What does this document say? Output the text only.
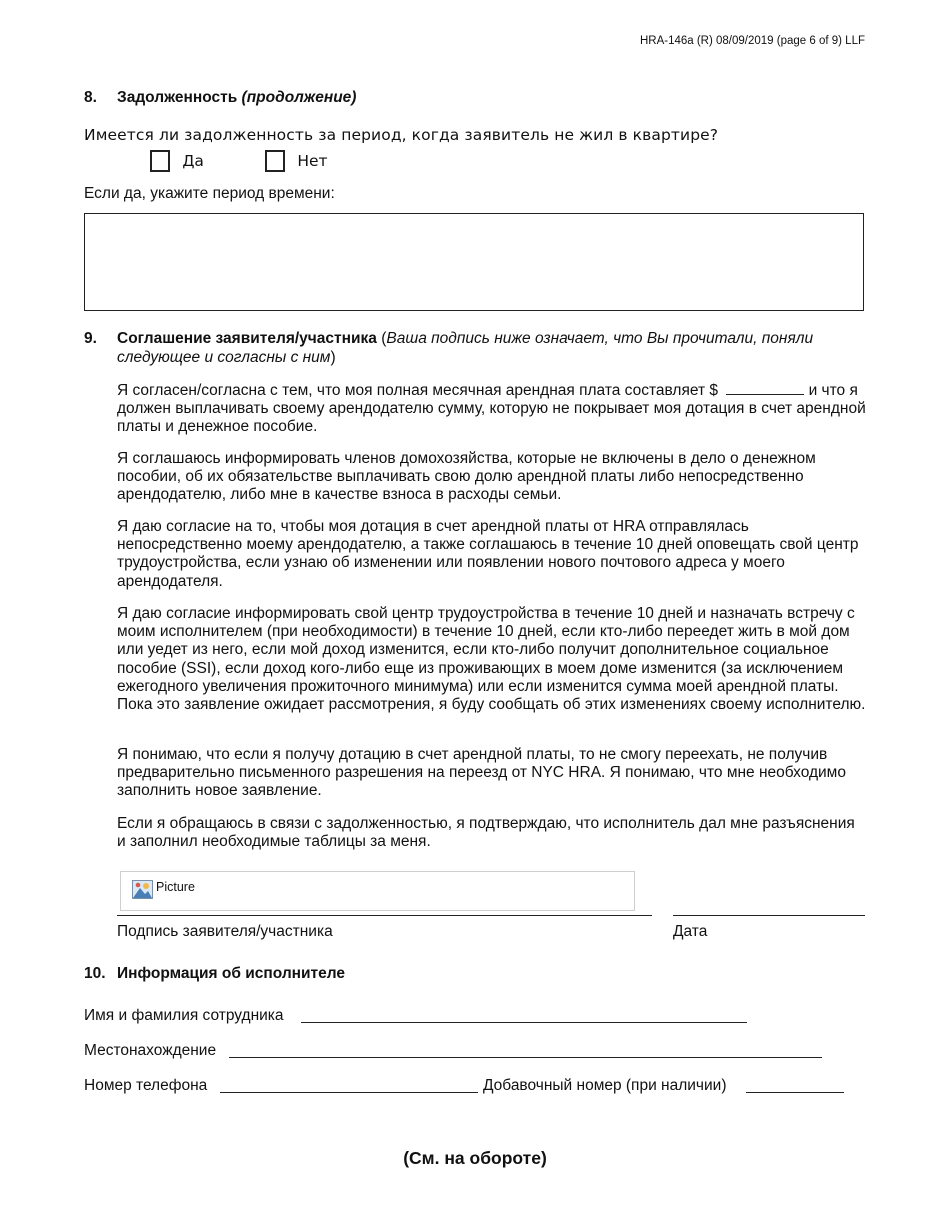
HRA-146a (R) 08/09/2019 (page 6 of 9) LLF
8. Задолженность (продолжение)
Имеется ли задолженность за период, когда заявитель не жил в квартире?
Да	Нет
Если да, укажите период времени:
9. Соглашение заявителя/участника (Ваша подпись ниже означает, что Вы прочитали, поняли следующее и согласны с ним)
Я согласен/согласна с тем, что моя полная месячная арендная плата составляет $	и что я должен выплачивать своему арендодателю сумму, которую не покрывает моя дотация в счет арендной платы и денежное пособие.
Я соглашаюсь информировать членов домохозяйства, которые не включены в дело о денежном пособии, об их обязательстве выплачивать свою долю арендной платы либо непосредственно арендодателю, либо мне в качестве взноса в расходы семьи.
Я даю согласие на то, чтобы моя дотация в счет арендной платы от HRA отправлялась непосредственно моему арендодателю, а также соглашаюсь в течение 10 дней оповещать свой центр трудоустройства, если узнаю об изменении или появлении нового почтового адреса у моего арендодателя.
Я даю согласие информировать свой центр трудоустройства в течение 10 дней и назначать встречу с моим исполнителем (при необходимости) в течение 10 дней, если кто-либо переедет жить в мой дом или уедет из него, если мой доход изменится, если кто-либо получит дополнительное социальное пособие (SSI), если доход кого-либо еще из проживающих в моем доме изменится (за исключением ежегодного увеличения прожиточного минимума) или если изменится сумма моей арендной платы. Пока это заявление ожидает рассмотрения, я буду сообщать об этих изменениях своему исполнителю.
Я понимаю, что если я получу дотацию в счет арендной платы, то не смогу переехать, не получив предварительно письменного разрешения на переезд от NYC HRA. Я понимаю, что мне необходимо заполнить новое заявление.
Если я обращаюсь в связи с задолженностью, я подтверждаю, что исполнитель дал мне разъяснения и заполнил необходимые таблицы за меня.
Picture
Подпись заявителя/участника	Дата
10. Информация об исполнителе
Имя и фамилия сотрудника
Местонахождение
Номер телефона	Добавочный номер (при наличии)
(См. на обороте)
